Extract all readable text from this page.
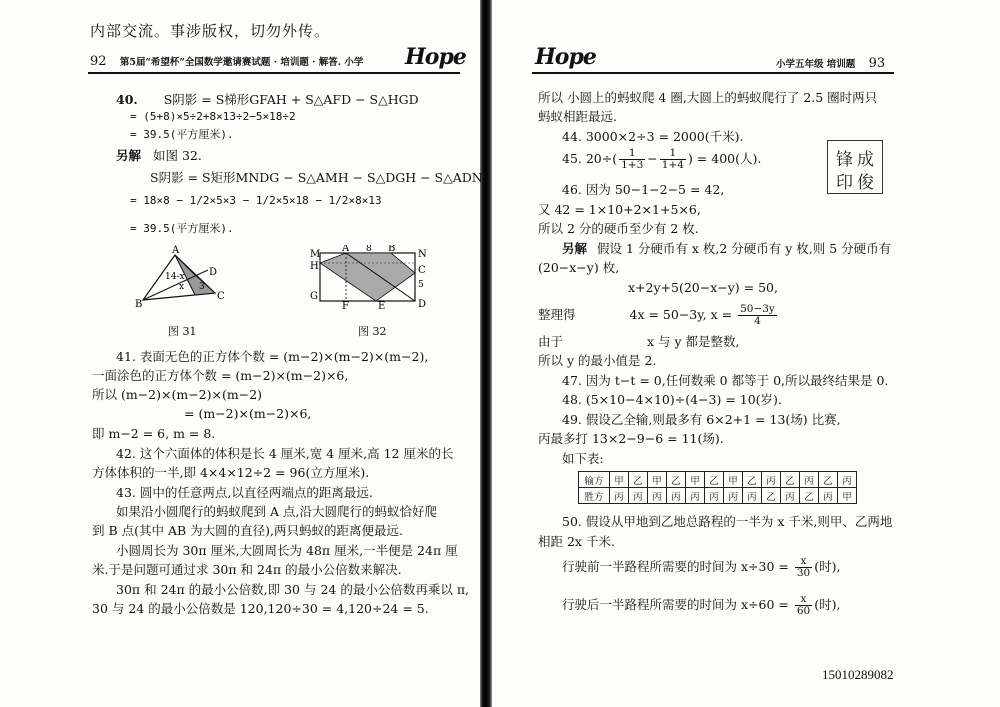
内部交流。事涉版权，切勿外传。
92 第5届“希望杯”全国数学邀请赛试题 · 培训题 · 解答. 小学 Hope
40. S阴影 = S梯形GFAH + S△AFD − S△HGD
= (5+8)×5÷2+8×13÷2−5×18÷2
= 39.5(平方厘米).
另解 如图 32.
S阴影 = S矩形MNDG − S△AMH − S△DGH − S△ADN
= 18×8 − 1/2×5×3 − 1/2×5×18 − 1/2×8×13
= 39.5(平方厘米).
A
B
C
D
14-x
x 3
图 31
M
A 8 B
N
H	C
5
G
F	E	D
图 32
41. 表面无色的正方体个数 = (m−2)×(m−2)×(m−2),
一面涂色的正方体个数 = (m−2)×(m−2)×6,
所以 (m−2)×(m−2)×(m−2)
= (m−2)×(m−2)×6,
即 m−2 = 6, m = 8.
42. 这个六面体的体积是长 4 厘米,宽 4 厘米,高 12 厘米的长
方体体积的一半,即 4×4×12÷2 = 96(立方厘米).
43. 圆中的任意两点,以直径两端点的距离最远.
如果沿小圆爬行的蚂蚁爬到 A 点,沿大圆爬行的蚂蚁恰好爬
到 B 点(其中 AB 为大圆的直径),两只蚂蚁的距离便最远.
小圆周长为 30π 厘米,大圆周长为 48π 厘米,一半便是 24π 厘
米.于是问题可通过求 30π 和 24π 的最小公倍数来解决.
30π 和 24π 的最小公倍数,即 30 与 24 的最小公倍数再乘以 π,
30 与 24 的最小公倍数是 120,120÷30 = 4,120÷24 = 5.
Hope	小学五年级 培训题 93
所以 小圆上的蚂蚁爬 4 圈,大圆上的蚂蚁爬行了 2.5 圈时两只
蚂蚁相距最远.
44. 3000×2÷3 = 2000(千米).
45. $20\div( \frac{1}{1+3} - \frac{1}{1+4}$ ) = 400(人).
46. 因为 50−1−2−5 = 42,
又 42 = 1×10+2×1+5×6,
所以 2 分的硬币至少有 2 枚.
另解 假设 1 分硬币有 x 枚,2 分硬币有 y 枚,则 5 分硬币有
(20−x−y) 枚,
x+2y+5(20−x−y) = 50,
整理得	4x = 50−3y, $x = \frac{50-3y}{4}$
由于	x 与 y 都是整数,
所以 y 的最小值是 2.
47. 因为 t−t = 0,任何数乘 0 都等于 0,所以最终结果是 0.
48. (5×10−4×10)÷(4−3) = 10(岁).
49. 假设乙全输,则最多有 6×2+1 = 13(场) 比赛,
丙最多打 13×2−9−6 = 11(场).
如下表:
输方	甲	乙	甲	乙	甲	乙	甲	乙	丙	乙	丙	乙	丙
胜方	丙	丙	丙	丙	丙	丙	丙	丙	乙	丙	乙	丙	甲
50. 假设从甲地到乙地总路程的一半为 x 千米,则甲、乙两地
相距 2x 千米.
行驶前一半路程所需要的时间为 $x\div 30 = \frac{x}{30}$ (时),
行驶后一半路程所需要的时间为 $x\div 60 = \frac{x}{60}$ (时),
锋 成
印 俊
15010289082
